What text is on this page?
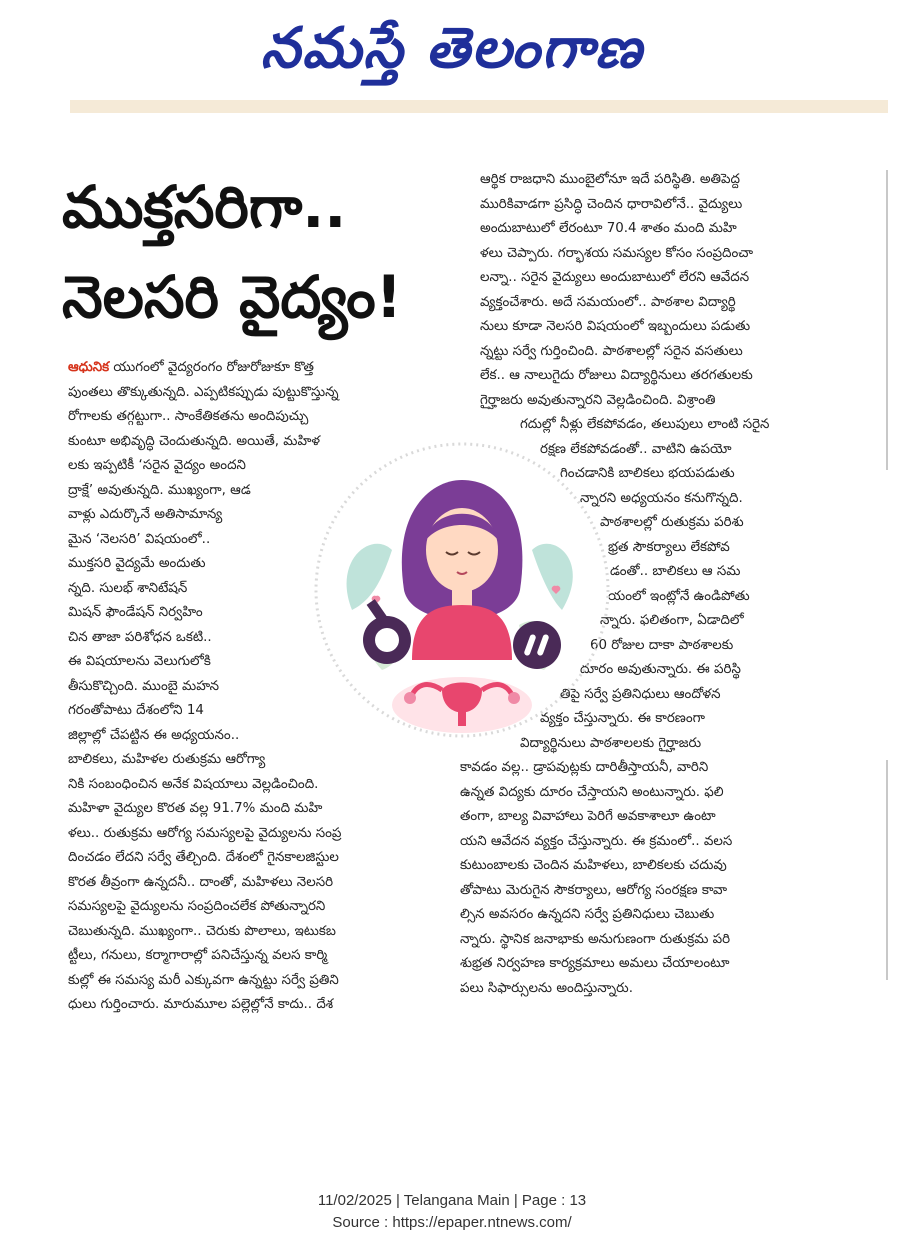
నమస్తే తెలంగాణ
ముక్తసరిగా..
నెలసరి వైద్యం!
ఆధునిక యుగంలో వైద్యరంగం రోజురోజుకూ కొత్త
పుంతలు తొక్కుతున్నది. ఎప్పటికప్పుడు పుట్టుకొస్తున్న
రోగాలకు తగ్గట్టుగా.. సాంకేతికతను అందిపుచ్చు
కుంటూ అభివృద్ధి చెందుతున్నది. అయితే, మహిళ
లకు ఇప్పటికీ ‘సరైన వైద్యం అందని
ద్రాక్షే’ అవుతున్నది. ముఖ్యంగా, ఆడ
వాళ్లు ఎదుర్కొనే అతిసామాన్య
మైన ‘నెలసరి’ విషయంలో..
ముక్తసరి వైద్యమే అందుతు
న్నది. సులభ్ శానిటేషన్
మిషన్ ఫౌండేషన్ నిర్వహిం
చిన తాజా పరిశోధన ఒకటి..
ఈ విషయాలను వెలుగులోకి
తీసుకొచ్చింది. ముంబై మహన
గరంతోపాటు దేశంలోని 14
జిల్లాల్లో చేపట్టిన ఈ అధ్యయనం..
బాలికలు, మహిళల రుతుక్రమ ఆరోగ్యా
నికి సంబంధించిన అనేక విషయాలు వెల్లడించింది.
మహిళా వైద్యుల కొరత వల్ల 91.7% మంది మహి
ళలు.. రుతుక్రమ ఆరోగ్య సమస్యలపై వైద్యులను సంప్ర
దించడం లేదని సర్వే తేల్చింది. దేశంలో గైనకాలజిస్టుల
కొరత తీవ్రంగా ఉన్నదనీ.. దాంతో, మహిళలు నెలసరి
సమస్యలపై వైద్యులను సంప్రదించలేక పోతున్నారని
చెబుతున్నది. ముఖ్యంగా.. చెరుకు పొలాలు, ఇటుకబ
ట్టీలు, గనులు, కర్మాగారాల్లో పనిచేస్తున్న వలస కార్మి
కుల్లో ఈ సమస్య మరీ ఎక్కువగా ఉన్నట్టు సర్వే ప్రతిని
ధులు గుర్తించారు. మారుమూల పల్లెల్లోనే కాదు.. దేశ
ఆర్థిక రాజధాని ముంబైలోనూ ఇదే పరిస్థితి. అతిపెద్ద
మురికివాడగా ప్రసిద్ధి చెందిన ధారావిలోనే.. వైద్యులు
అందుబాటులో లేరంటూ 70.4 శాతం మంది మహి
ళలు చెప్పారు. గర్భాశయ సమస్యల కోసం సంప్రదించా
లన్నా.. సరైన వైద్యులు అందుబాటులో లేరని ఆవేదన
వ్యక్తంచేశారు. అదే సమయంలో.. పాఠశాల విద్యార్థి
నులు కూడా నెలసరి విషయంలో ఇబ్బందులు పడుతు
న్నట్టు సర్వే గుర్తించింది. పాఠశాలల్లో సరైన వసతులు
లేక.. ఆ నాలుగైదు రోజులు విద్యార్థినులు తరగతులకు
గైర్హాజరు అవుతున్నారని వెల్లడించింది. విశ్రాంతి
గదుల్లో నీళ్లు లేకపోవడం, తలుపులు లాంటి సరైన
రక్షణ లేకపోవడంతో.. వాటిని ఉపయో
గించడానికి బాలికలు భయపడుతు
న్నారని అధ్యయనం కనుగొన్నది.
పాఠశాలల్లో రుతుక్రమ పరిశు
భ్రత సౌకర్యాలు లేకపోవ
డంతో.. బాలికలు ఆ సమ
యంలో ఇంట్లోనే ఉండిపోతు
న్నారు. ఫలితంగా, ఏడాదిలో
60 రోజుల దాకా పాఠశాలకు
దూరం అవుతున్నారు. ఈ పరిస్థి
తిపై సర్వే ప్రతినిధులు ఆందోళన
వ్యక్తం చేస్తున్నారు. ఈ కారణంగా
విద్యార్థినులు పాఠశాలలకు గైర్హాజరు
కావడం వల్ల.. డ్రాపవుట్లకు దారితీస్తాయనీ, వారిని
ఉన్నత విద్యకు దూరం చేస్తాయని అంటున్నారు. ఫలి
తంగా, బాల్య వివాహాలు పెరిగే అవకాశాలూ ఉంటా
యని ఆవేదన వ్యక్తం చేస్తున్నారు. ఈ క్రమంలో.. వలస
కుటుంబాలకు చెందిన మహిళలు, బాలికలకు చదువు
తోపాటు మెరుగైన సౌకర్యాలు, ఆరోగ్య సంరక్షణ కావా
ల్సిన అవసరం ఉన్నదని సర్వే ప్రతినిధులు చెబుతు
న్నారు. స్థానిక జనాభాకు అనుగుణంగా రుతుక్రమ పరి
శుభ్రత నిర్వహణ కార్యక్రమాలు అమలు చేయాలంటూ
పలు సిఫార్సులను అందిస్తున్నారు.
11/02/2025 | Telangana Main | Page : 13
Source : https://epaper.ntnews.com/
